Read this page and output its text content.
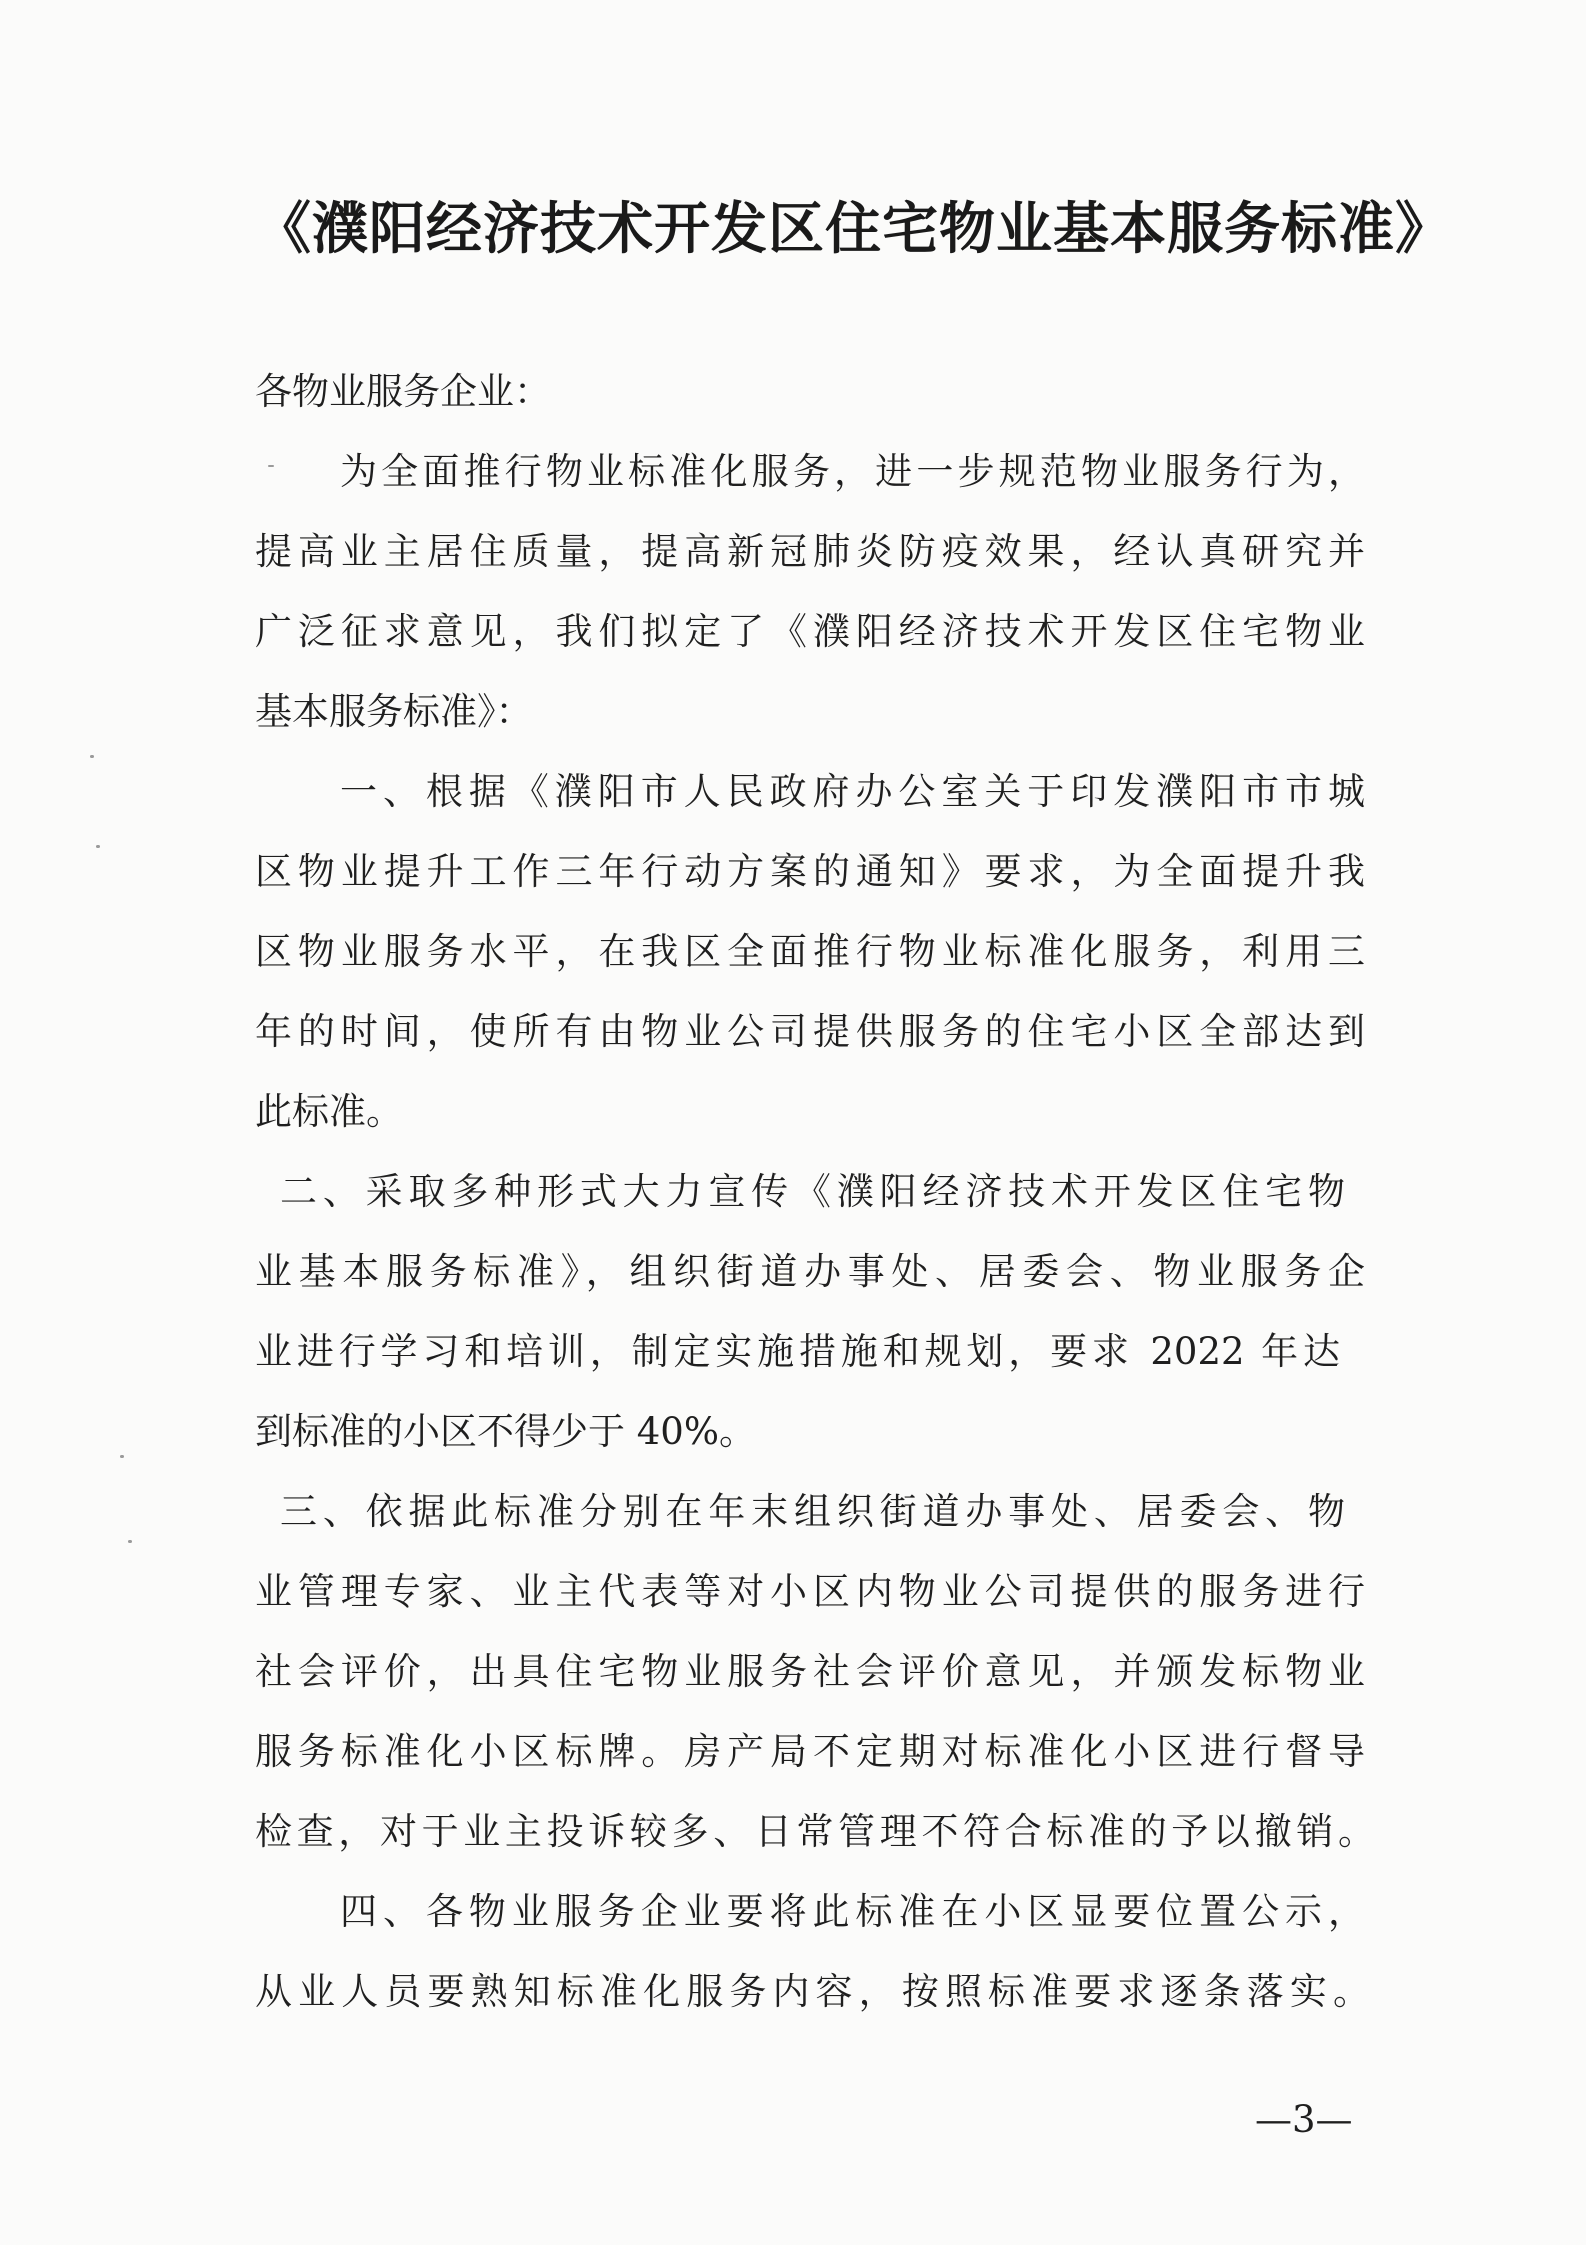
《濮阳经济技术开发区住宅物业基本服务标准》
各物业服务企业：
为全面推行物业标准化服务，进一步规范物业服务行为，
提高业主居住质量，提高新冠肺炎防疫效果，经认真研究并
广泛征求意见，我们拟定了《濮阳经济技术开发区住宅物业
基本服务标准》：
一、根据《濮阳市人民政府办公室关于印发濮阳市市城
区物业提升工作三年行动方案的通知》要求，为全面提升我
区物业服务水平，在我区全面推行物业标准化服务，利用三
年的时间，使所有由物业公司提供服务的住宅小区全部达到
此标准。
二、采取多种形式大力宣传《濮阳经济技术开发区住宅物
业基本服务标准》，组织街道办事处、居委会、物业服务企
业进行学习和培训，制定实施措施和规划，要求 2022 年达
到标准的小区不得少于 40%。
三、依据此标准分别在年末组织街道办事处、居委会、物
业管理专家、业主代表等对小区内物业公司提供的服务进行
社会评价，出具住宅物业服务社会评价意见，并颁发标物业
服务标准化小区标牌。房产局不定期对标准化小区进行督导
检查，对于业主投诉较多、日常管理不符合标准的予以撤销。
四、各物业服务企业要将此标准在小区显要位置公示，
从业人员要熟知标准化服务内容，按照标准要求逐条落实。
—3—
